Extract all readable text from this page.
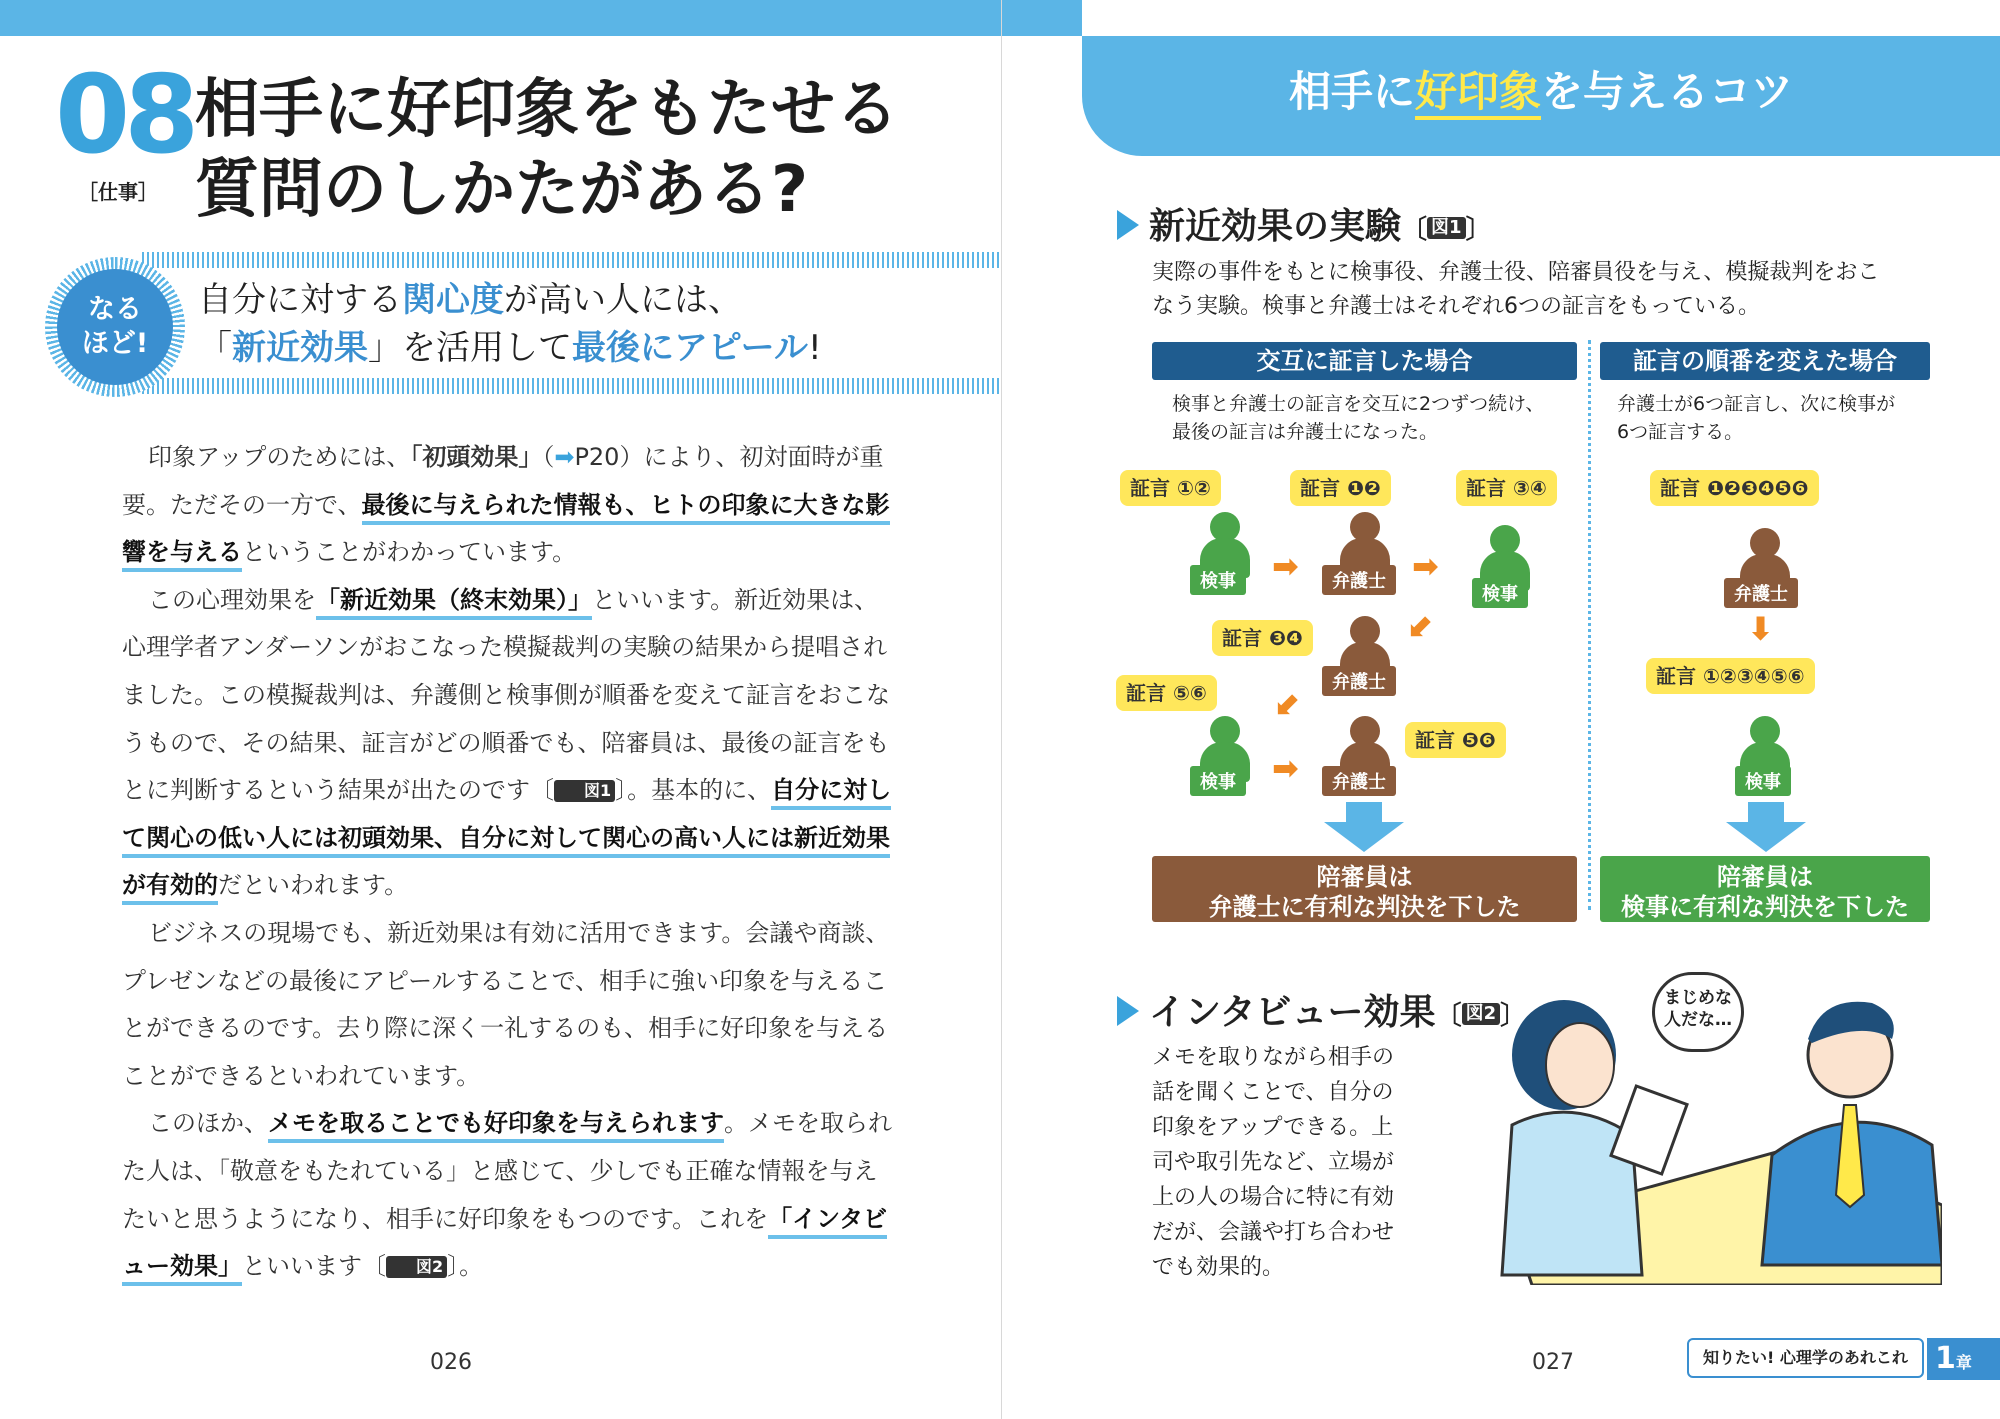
08
［仕事］
相手に好印象をもたせる
質問のしかたがある?
なる
ほど!
自分に対する関心度が高い人には、
「新近効果」を活用して最後にアピール!

印象アップのためには、「初頭効果」（➡P20）により、初対面時が重要。ただその一方で、最後に与えられた情報も、ヒトの印象に大きな影響を与えるということがわかっています。

この心理効果を「新近効果（終末効果）」といいます。新近効果は、心理学者アンダーソンがおこなった模擬裁判の実験の結果から提唱されました。この模擬裁判は、弁護側と検事側が順番を変えて証言をおこなうもので、その結果、証言がどの順番でも、陪審員は、最後の証言をもとに判断するという結果が出たのです〔 図1 〕。基本的に、自分に対して関心の低い人には初頭効果、自分に対して関心の高い人には新近効果が有効的だといわれます。

ビジネスの現場でも、新近効果は有効に活用できます。会議や商談、プレゼンなどの最後にアピールすることで、相手に強い印象を与えることができるのです。去り際に深く一礼するのも、相手に好印象を与えることができるといわれています。

このほか、メモを取ることでも好印象を与えられます。メモを取られた人は、「敬意をもたれている」と感じて、少しでも正確な情報を与えたいと思うようになり、相手に好印象をもつのです。これを「インタビュー効果」といいます〔 図2 〕。

026
相手に好印象を与えるコツ
新近効果の実験〔 図1 〕
実際の事件をもとに検事役、弁護士役、陪審員役を与え、模擬裁判をおこ
なう実験。検事と弁護士はそれぞれ6つの証言をもっている。
交互に証言した場合
検事と弁護士の証言を交互に2つずつ続け、
最後の証言は弁護士になった。
証言 ①②	証言 ❶❷	証言 ③④
検事	➡	弁護士 ➡
検事
証言 ❸❹	➡
弁護士
証言 ⑤⑥	➡
証言 ❺❻
検事	➡	弁護士
陪審員は
弁護士に有利な判決を下した
証言の順番を変えた場合
弁護士が6つ証言し、次に検事が
6つ証言する。
証言 ❶❷❸❹❺❻
弁護士
➡
証言 ①②③④⑤⑥
検事
陪審員は
検事に有利な判決を下した
インタビュー効果〔 図2 〕
メモを取りながら相手の
話を聞くことで、自分の
印象をアップできる。上
司や取引先など、立場が
上の人の場合に特に有効
だが、会議や打ち合わせ
でも効果的。
まじめな
人だな…
027	知りたい! 心理学のあれこれ 1章
